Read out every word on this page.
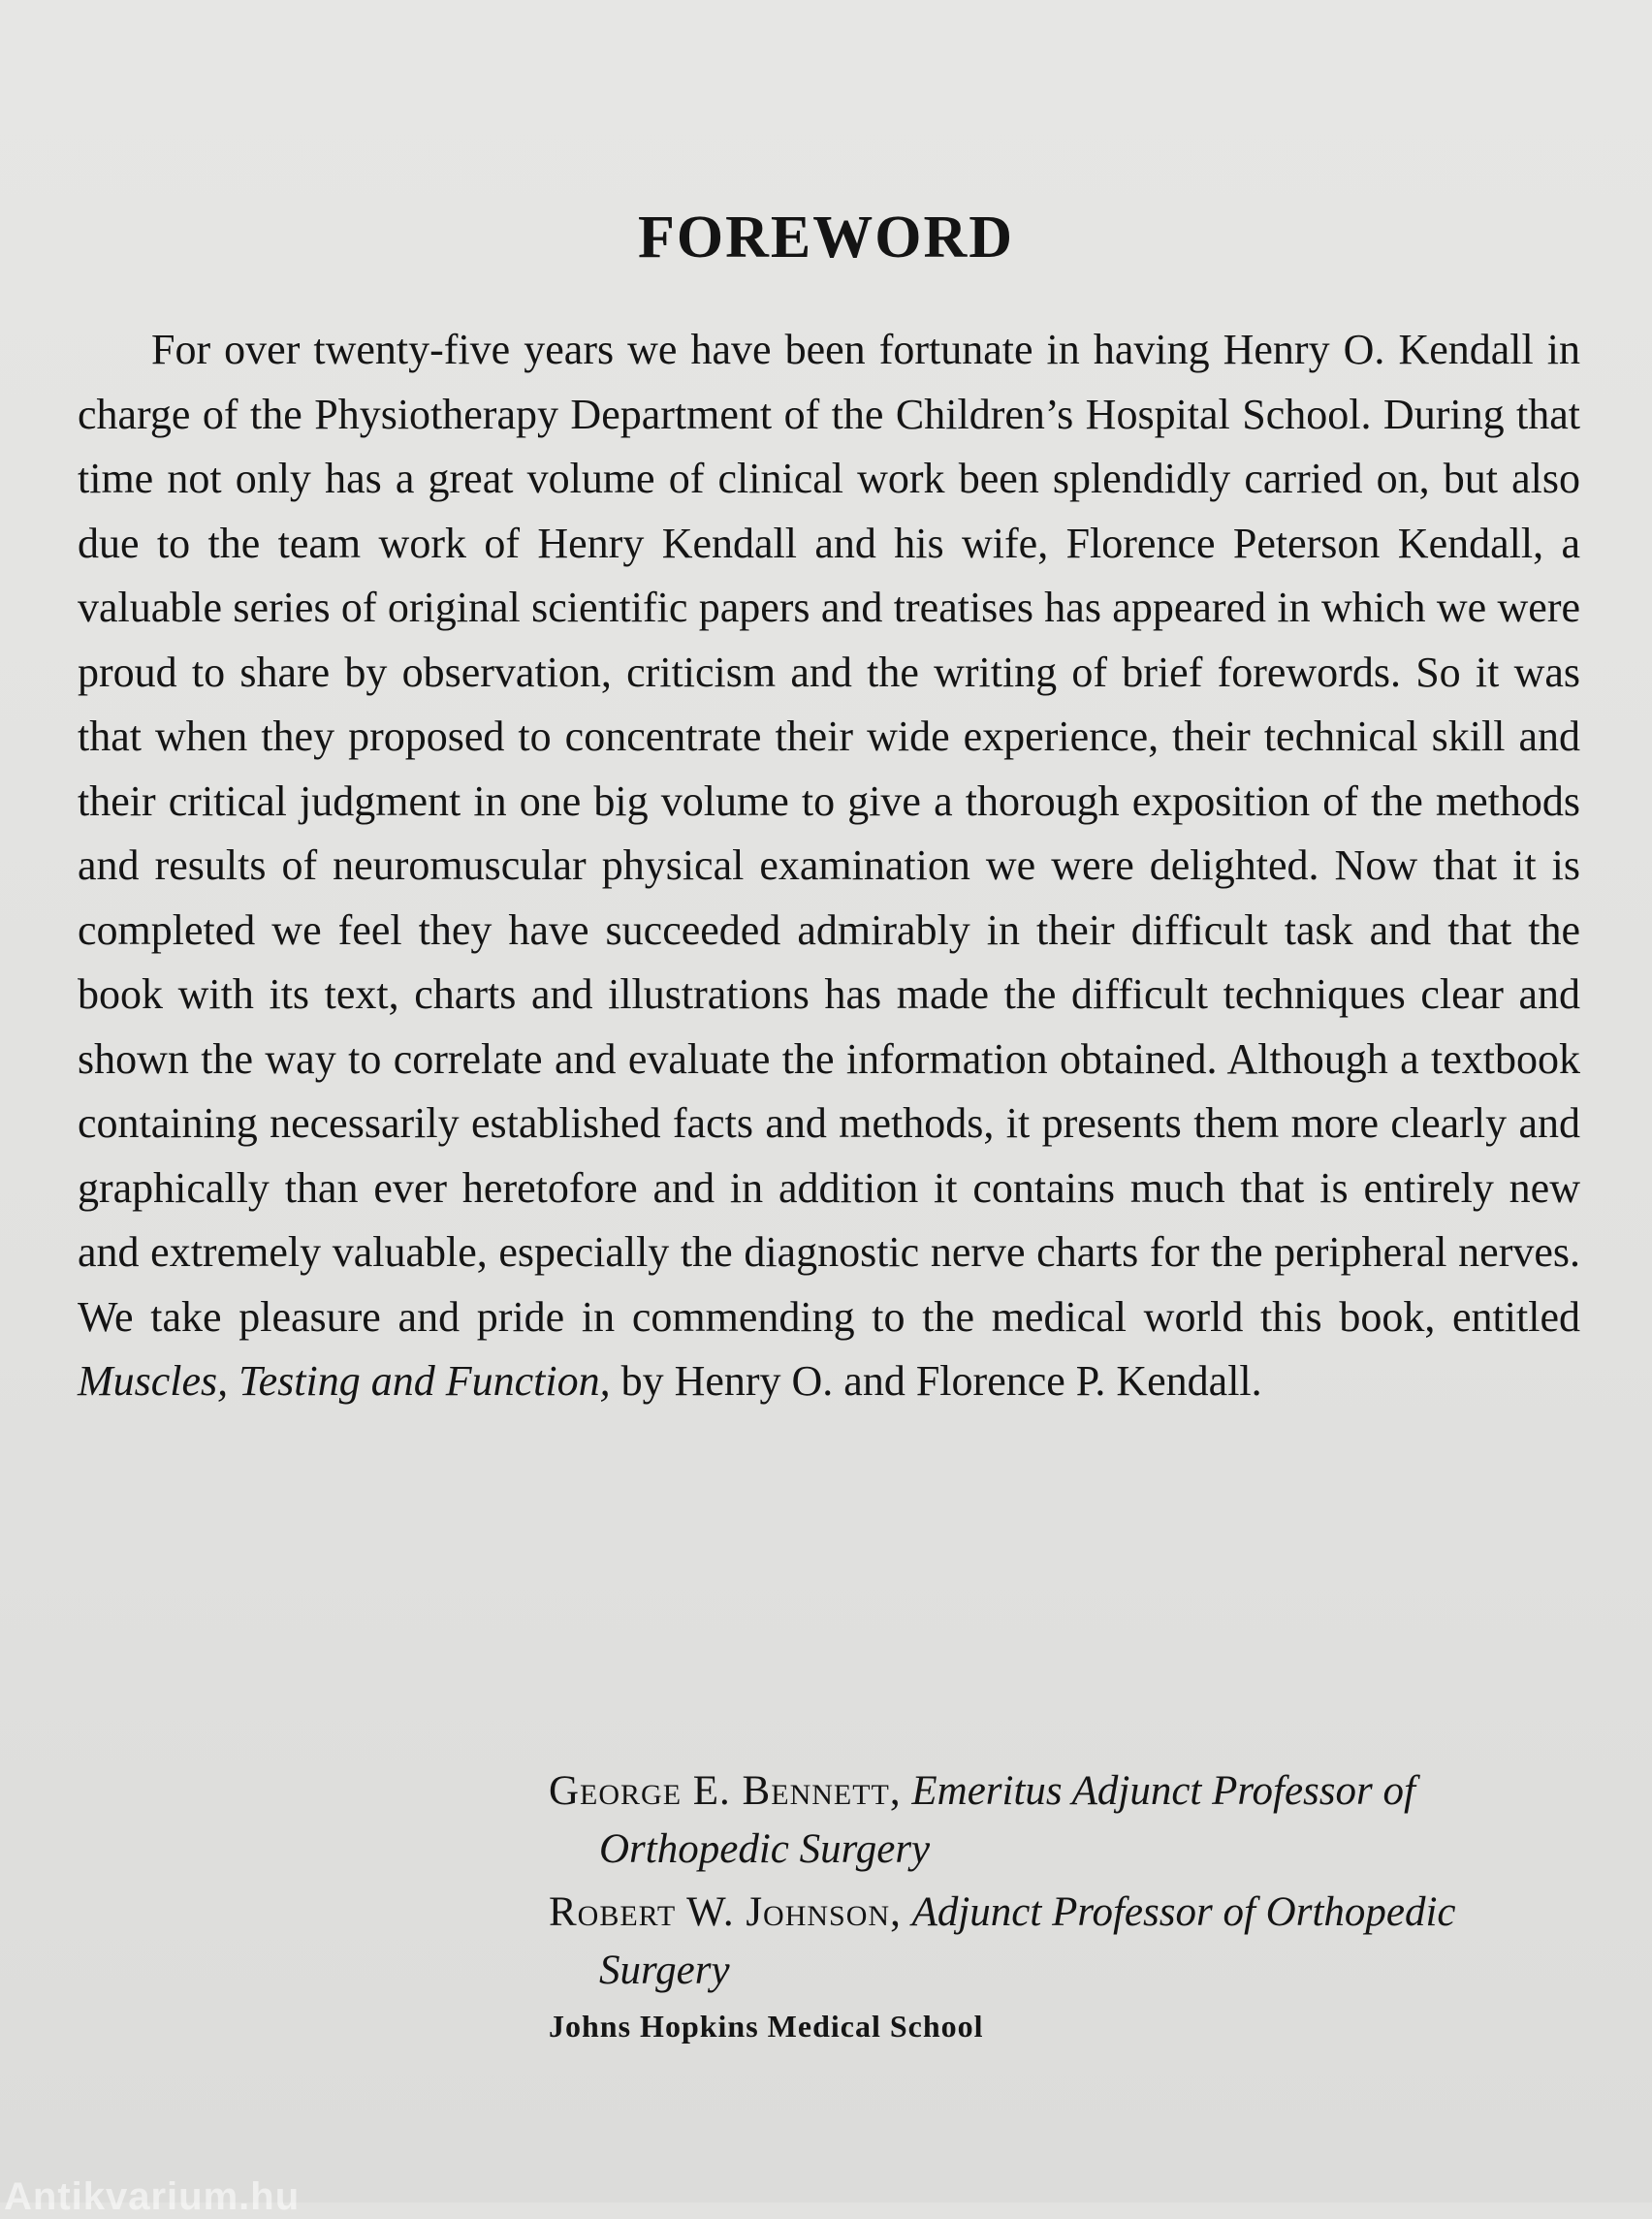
FOREWORD

For over twenty-five years we have been fortunate in having Henry O. Kendall in charge of the Physiotherapy Department of the Children’s Hospital School. During that time not only has a great volume of clinical work been splendidly carried on, but also due to the team work of Henry Kendall and his wife, Florence Peterson Kendall, a valuable series of original scientific papers and treatises has appeared in which we were proud to share by observation, criticism and the writing of brief forewords. So it was that when they proposed to concentrate their wide experience, their technical skill and their critical judgment in one big volume to give a thorough exposition of the methods and results of neuromuscular physical examination we were delighted. Now that it is completed we feel they have succeeded admirably in their difficult task and that the book with its text, charts and illustrations has made the difficult techniques clear and shown the way to correlate and evaluate the information obtained. Although a textbook containing necessarily established facts and methods, it presents them more clearly and graphically than ever heretofore and in addition it contains much that is entirely new and extremely valuable, especially the diagnostic nerve charts for the peripheral nerves. We take pleasure and pride in commending to the medical world this book, entitled Muscles, Testing and Function, by Henry O. and Florence P. Kendall.

George E. Bennett, Emeritus Adjunct Professor of Orthopedic Surgery

Robert W. Johnson, Adjunct Professor of Orthopedic Surgery

Johns Hopkins Medical School

Antikvarium.hu
